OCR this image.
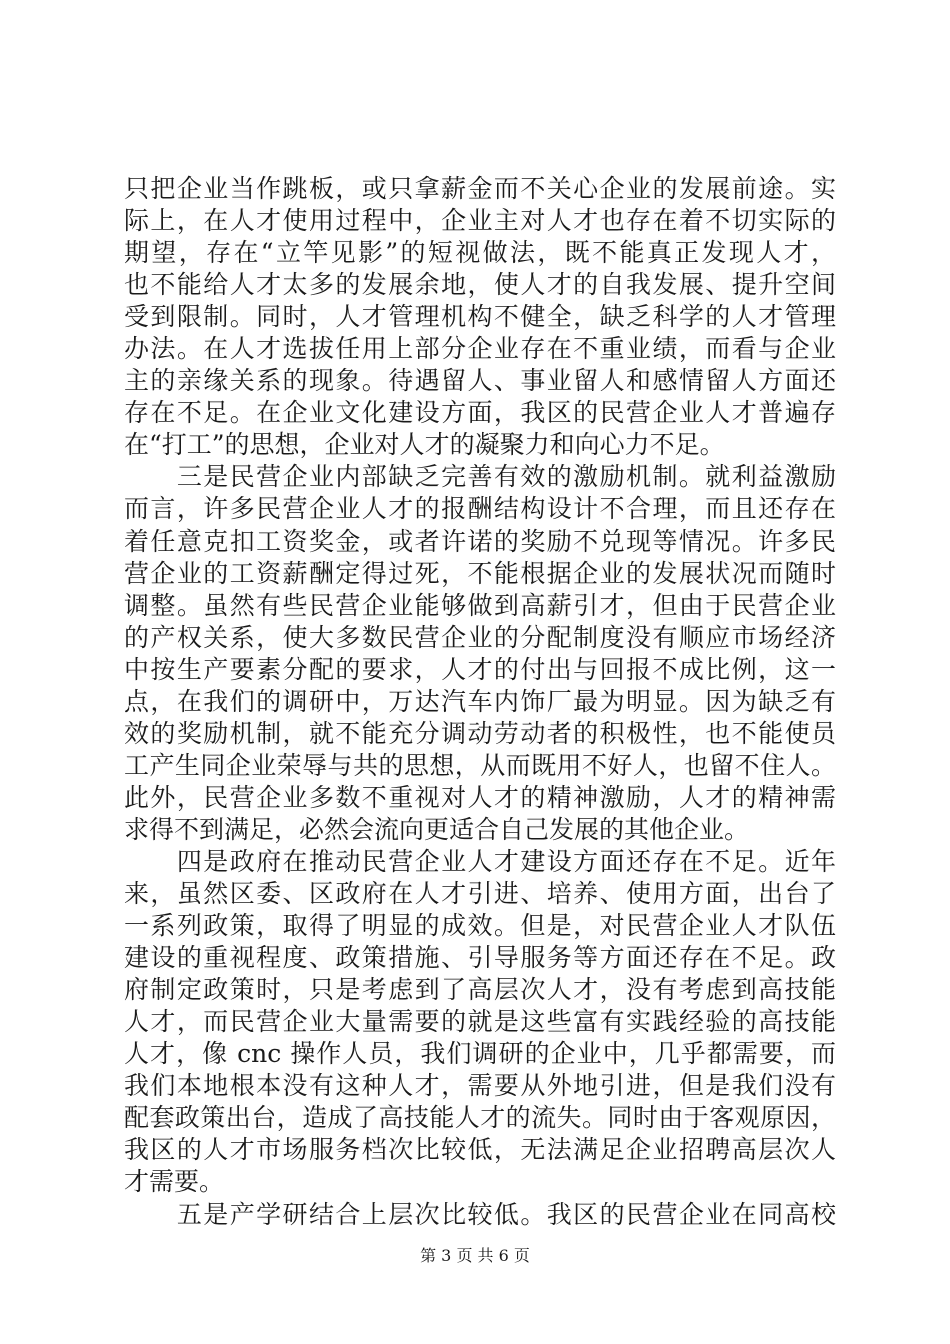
只把企业当作跳板，或只拿薪金而不关心企业的发展前途。实
际上，在人才使用过程中，企业主对人才也存在着不切实际的
期望，存在“立竿见影”的短视做法，既不能真正发现人才，
也不能给人才太多的发展余地，使人才的自我发展、提升空间
受到限制。同时，人才管理机构不健全，缺乏科学的人才管理
办法。在人才选拔任用上部分企业存在不重业绩，而看与企业
主的亲缘关系的现象。待遇留人、事业留人和感情留人方面还
存在不足。在企业文化建设方面，我区的民营企业人才普遍存
在“打工”的思想，企业对人才的凝聚力和向心力不足。
　　三是民营企业内部缺乏完善有效的激励机制。就利益激励
而言，许多民营企业人才的报酬结构设计不合理，而且还存在
着任意克扣工资奖金，或者许诺的奖励不兑现等情况。许多民
营企业的工资薪酬定得过死，不能根据企业的发展状况而随时
调整。虽然有些民营企业能够做到高薪引才，但由于民营企业
的产权关系，使大多数民营企业的分配制度没有顺应市场经济
中按生产要素分配的要求，人才的付出与回报不成比例，这一
点，在我们的调研中，万达汽车内饰厂最为明显。因为缺乏有
效的奖励机制，就不能充分调动劳动者的积极性，也不能使员
工产生同企业荣辱与共的思想，从而既用不好人，也留不住人。
此外，民营企业多数不重视对人才的精神激励，人才的精神需
求得不到满足，必然会流向更适合自己发展的其他企业。
　　四是政府在推动民营企业人才建设方面还存在不足。近年
来，虽然区委、区政府在人才引进、培养、使用方面，出台了
一系列政策，取得了明显的成效。但是，对民营企业人才队伍
建设的重视程度、政策措施、引导服务等方面还存在不足。政
府制定政策时，只是考虑到了高层次人才，没有考虑到高技能
人才，而民营企业大量需要的就是这些富有实践经验的高技能
人才，像 cnc 操作人员，我们调研的企业中，几乎都需要，而
我们本地根本没有这种人才，需要从外地引进，但是我们没有
配套政策出台，造成了高技能人才的流失。同时由于客观原因，
我区的人才市场服务档次比较低，无法满足企业招聘高层次人
才需要。
　　五是产学研结合上层次比较低。我区的民营企业在同高校
第 3 页 共 6 页
